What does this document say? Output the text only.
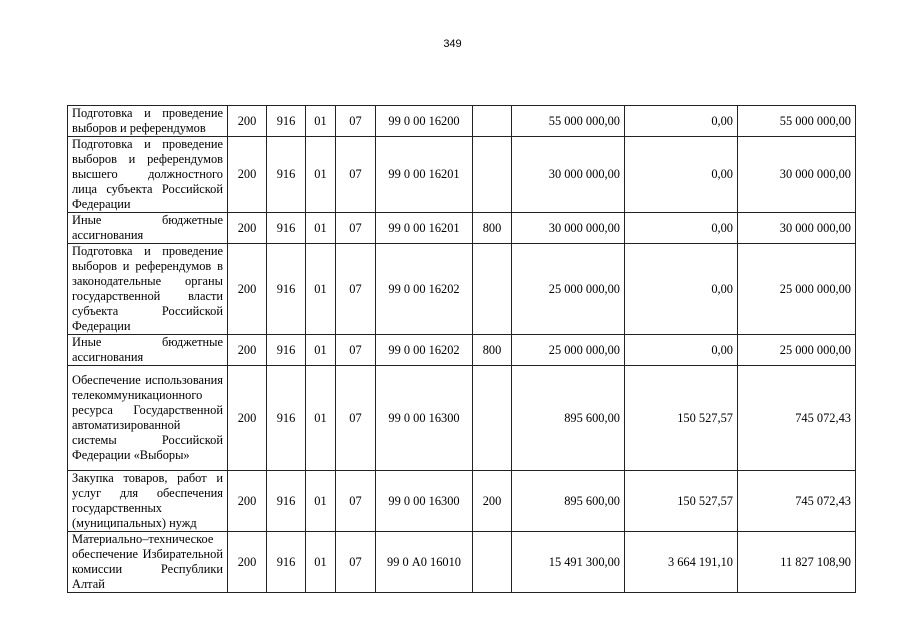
349
Подготовка и проведение выборов и референдумов	200	916	01	07	99 0 00 16200		55 000 000,00	0,00	55 000 000,00
Подготовка и проведение выборов и референдумов высшего должностного лица субъекта Российской Федерации	200	916	01	07	99 0 00 16201		30 000 000,00	0,00	30 000 000,00
Иные бюджетные ассигнования	200	916	01	07	99 0 00 16201	800	30 000 000,00	0,00	30 000 000,00
Подготовка и проведение выборов и референдумов в законодательные органы государственной власти субъекта Российской Федерации	200	916	01	07	99 0 00 16202		25 000 000,00	0,00	25 000 000,00
Иные бюджетные ассигнования	200	916	01	07	99 0 00 16202	800	25 000 000,00	0,00	25 000 000,00
Обеспечение использования телекоммуникационного ресурса Государственной автоматизированной системы Российской Федерации «Выборы»	200	916	01	07	99 0 00 16300		895 600,00	150 527,57	745 072,43
Закупка товаров, работ и услуг для обеспечения государственных (муниципальных) нужд	200	916	01	07	99 0 00 16300	200	895 600,00	150 527,57	745 072,43
Материально–техническое обеспечение Избирательной комиссии Республики Алтай	200	916	01	07	99 0 А0 16010		15 491 300,00	3 664 191,10	11 827 108,90
